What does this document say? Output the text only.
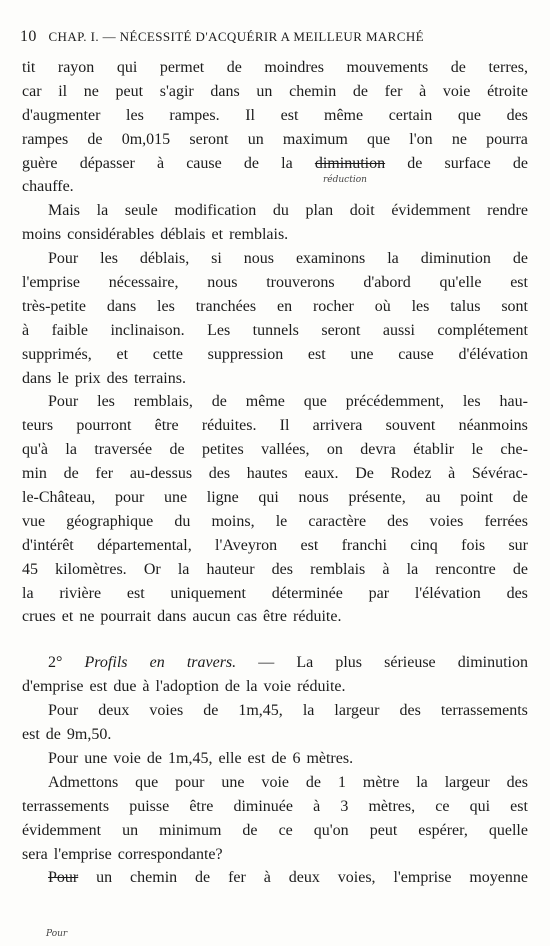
10 CHAP. I. — NÉCESSITÉ D'ACQUÉRIR A MEILLEUR MARCHÉ
tit rayon qui permet de moindres mouvements de terres,
car il ne peut s'agir dans un chemin de fer à voie étroite
d'augmenter les rampes. Il est même certain que des
rampes de 0m,015 seront un maximum que l'on ne pourra
guère dépasser à cause de la diminution de surface de
chauffe.
Mais la seule modification du plan doit évidemment rendre
moins considérables déblais et remblais.
Pour les déblais, si nous examinons la diminution de
l'emprise nécessaire, nous trouverons d'abord qu'elle est
très-petite dans les tranchées en rocher où les talus sont
à faible inclinaison. Les tunnels seront aussi complétement
supprimés, et cette suppression est une cause d'élévation
dans le prix des terrains.
Pour les remblais, de même que précédemment, les hau-
teurs pourront être réduites. Il arrivera souvent néanmoins
qu'à la traversée de petites vallées, on devra établir le che-
min de fer au-dessus des hautes eaux. De Rodez à Sévérac-
le-Château, pour une ligne qui nous présente, au point de
vue géographique du moins, le caractère des voies ferrées
d'intérêt départemental, l'Aveyron est franchi cinq fois sur
45 kilomètres. Or la hauteur des remblais à la rencontre de
la rivière est uniquement déterminée par l'élévation des
crues et ne pourrait dans aucun cas être réduite.
2° Profils en travers. — La plus sérieuse diminution
d'emprise est due à l'adoption de la voie réduite.
Pour deux voies de 1m,45, la largeur des terrassements
est de 9m,50.
Pour une voie de 1m,45, elle est de 6 mètres.
Admettons que pour une voie de 1 mètre la largeur des
terrassements puisse être diminuée à 3 mètres, ce qui est
évidemment un minimum de ce qu'on peut espérer, quelle
sera l'emprise correspondante?
Pour un chemin de fer à deux voies, l'emprise moyenne
réduction
Pour
